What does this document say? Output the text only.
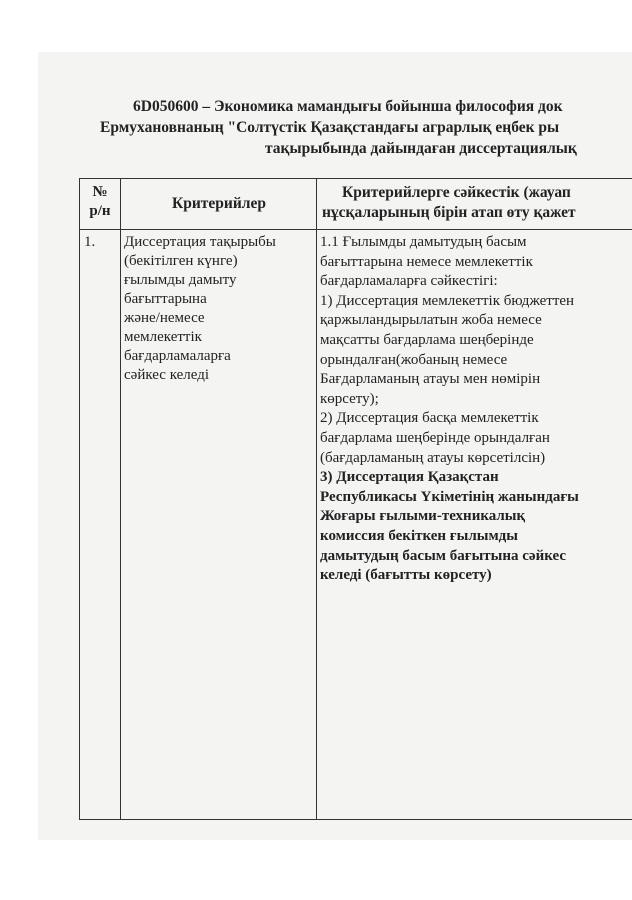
6D050600 – Экономика мамандығы бойынша философия док
Ермухановнаның "Солтүстік Қазақстандағы аграрлық еңбек ры
тақырыбында дайындаған диссертациялық
№
р/н	Критерийлер
Критерийлерге сәйкестік (жауап
нұсқаларының бірін атап өту қажет
1. Диссертация тақырыбы
(бекітілген күнге)
ғылымды дамыту
бағыттарына
және/немесе
мемлекеттік
бағдарламаларға
сәйкес келеді
1.1 Ғылымды дамытудың басым
бағыттарына немесе мемлекеттік
бағдарламаларға сәйкестігі:
1) Диссертация мемлекеттік бюджеттен
қаржыландырылатын жоба немесе
мақсатты бағдарлама шеңберінде
орындалған(жобаның немесе
Бағдарламаның атауы мен нөмірін
көрсету);
2) Диссертация басқа мемлекеттік
бағдарлама шеңберінде орындалған
(бағдарламаның атауы көрсетілсін)
3) Диссертация Қазақстан
Республикасы Үкіметінің жанындағы
Жоғары ғылыми-техникалық
комиссия бекіткен ғылымды
дамытудың басым бағытына сәйкес
келеді (бағытты көрсету)
